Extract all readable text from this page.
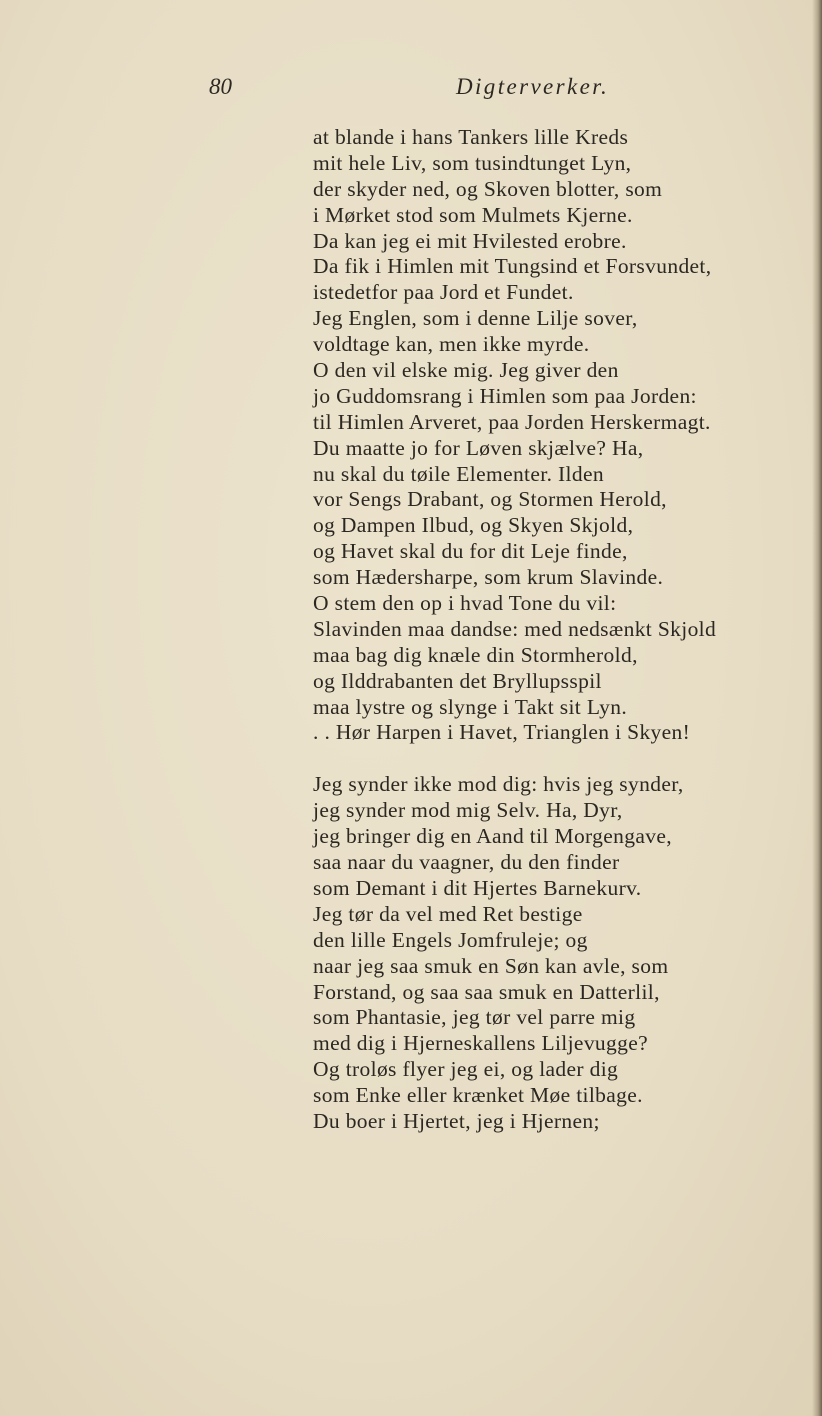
80	Digterverker.
at blande i hans Tankers lille Kreds
mit hele Liv, som tusindtunget Lyn,
der skyder ned, og Skoven blotter, som
i Mørket stod som Mulmets Kjerne.
Da kan jeg ei mit Hvilested erobre.
Da fik i Himlen mit Tungsind et Forsvundet,
istedetfor paa Jord et Fundet.
Jeg Englen, som i denne Lilje sover,
voldtage kan, men ikke myrde.
O den vil elske mig. Jeg giver den
jo Guddomsrang i Himlen som paa Jorden:
til Himlen Arveret, paa Jorden Herskermagt.
Du maatte jo for Løven skjælve? Ha,
nu skal du tøile Elementer. Ilden
vor Sengs Drabant, og Stormen Herold,
og Dampen Ilbud, og Skyen Skjold,
og Havet skal du for dit Leje finde,
som Hædersharpe, som krum Slavinde.
O stem den op i hvad Tone du vil:
Slavinden maa dandse: med nedsænkt Skjold
maa bag dig knæle din Stormherold,
og Ilddrabanten det Bryllupsspil
maa lystre og slynge i Takt sit Lyn.
. . Hør Harpen i Havet, Trianglen i Skyen!
Jeg synder ikke mod dig: hvis jeg synder,
jeg synder mod mig Selv. Ha, Dyr,
jeg bringer dig en Aand til Morgengave,
saa naar du vaagner, du den finder
som Demant i dit Hjertes Barnekurv.
Jeg tør da vel med Ret bestige
den lille Engels Jomfruleje; og
naar jeg saa smuk en Søn kan avle, som
Forstand, og saa saa smuk en Datterlil,
som Phantasie, jeg tør vel parre mig
med dig i Hjerneskallens Liljevugge?
Og troløs flyer jeg ei, og lader dig
som Enke eller krænket Møe tilbage.
Du boer i Hjertet, jeg i Hjernen;
